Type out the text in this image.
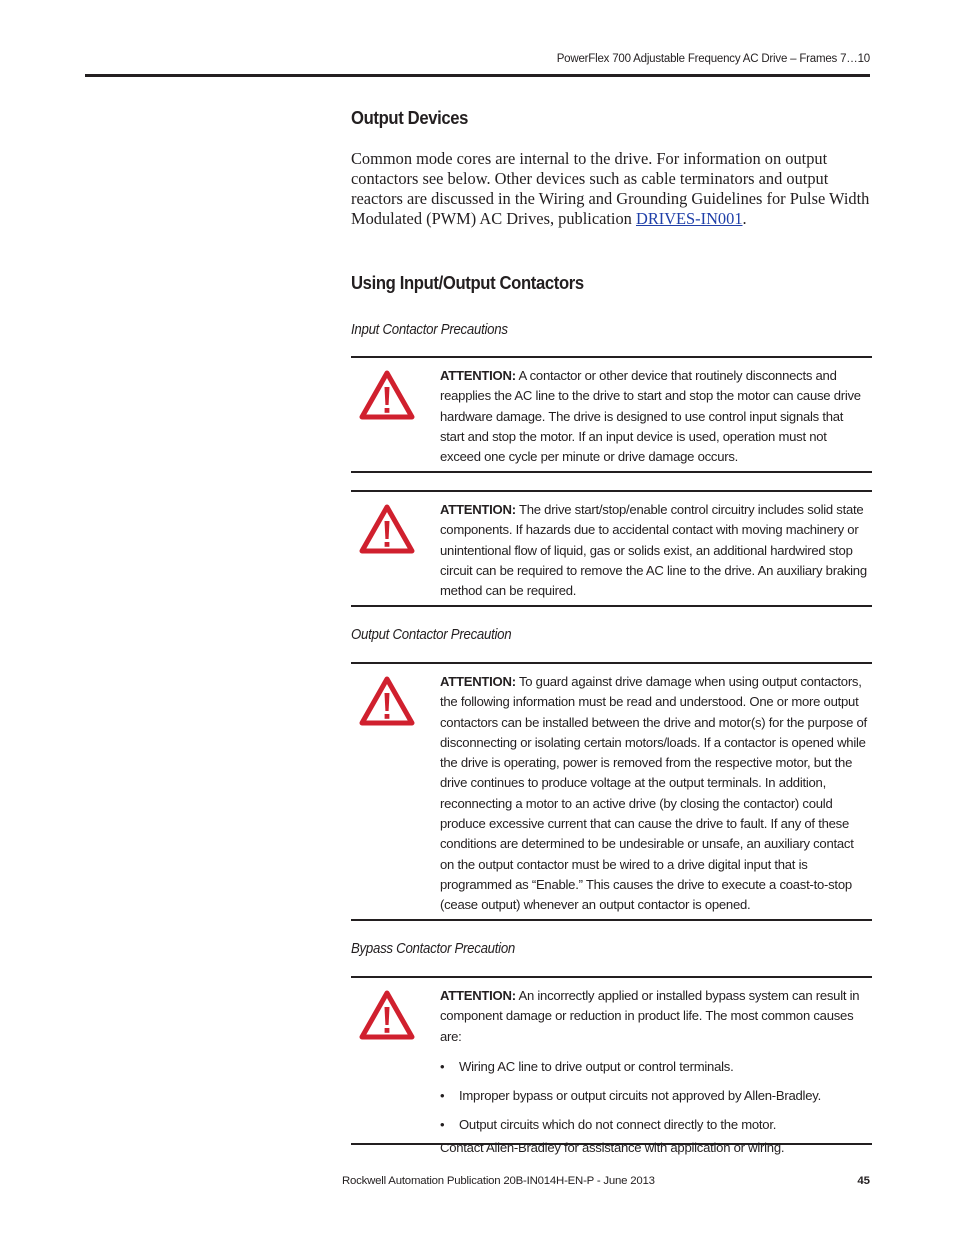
PowerFlex 700 Adjustable Frequency AC Drive – Frames 7…10
Output Devices

Common mode cores are internal to the drive. For information on output contactors see below. Other devices such as cable terminators and output reactors are discussed in the Wiring and Grounding Guidelines for Pulse Width Modulated (PWM) AC Drives, publication DRIVES-IN001.

Using Input/Output Contactors
Input Contactor Precautions
ATTENTION: A contactor or other device that routinely disconnects and reapplies the AC line to the drive to start and stop the motor can cause drive hardware damage. The drive is designed to use control input signals that start and stop the motor. If an input device is used, operation must not exceed one cycle per minute or drive damage occurs.
ATTENTION: The drive start/stop/enable control circuitry includes solid state components. If hazards due to accidental contact with moving machinery or unintentional flow of liquid, gas or solids exist, an additional hardwired stop circuit can be required to remove the AC line to the drive. An auxiliary braking method can be required.
Output Contactor Precaution
ATTENTION: To guard against drive damage when using output contactors, the following information must be read and understood. One or more output contactors can be installed between the drive and motor(s) for the purpose of disconnecting or isolating certain motors/loads. If a contactor is opened while the drive is operating, power is removed from the respective motor, but the drive continues to produce voltage at the output terminals. In addition, reconnecting a motor to an active drive (by closing the contactor) could produce excessive current that can cause the drive to fault. If any of these conditions are determined to be undesirable or unsafe, an auxiliary contact on the output contactor must be wired to a drive digital input that is programmed as “Enable.” This causes the drive to execute a coast-to-stop (cease output) whenever an output contactor is opened.
Bypass Contactor Precaution
ATTENTION: An incorrectly applied or installed bypass system can result in component damage or reduction in product life. The most common causes are:
• Wiring AC line to drive output or control terminals.
• Improper bypass or output circuits not approved by Allen-Bradley.
• Output circuits which do not connect directly to the motor.
Contact Allen-Bradley for assistance with application or wiring.
Rockwell Automation Publication 20B-IN014H-EN-P - June 2013	45
